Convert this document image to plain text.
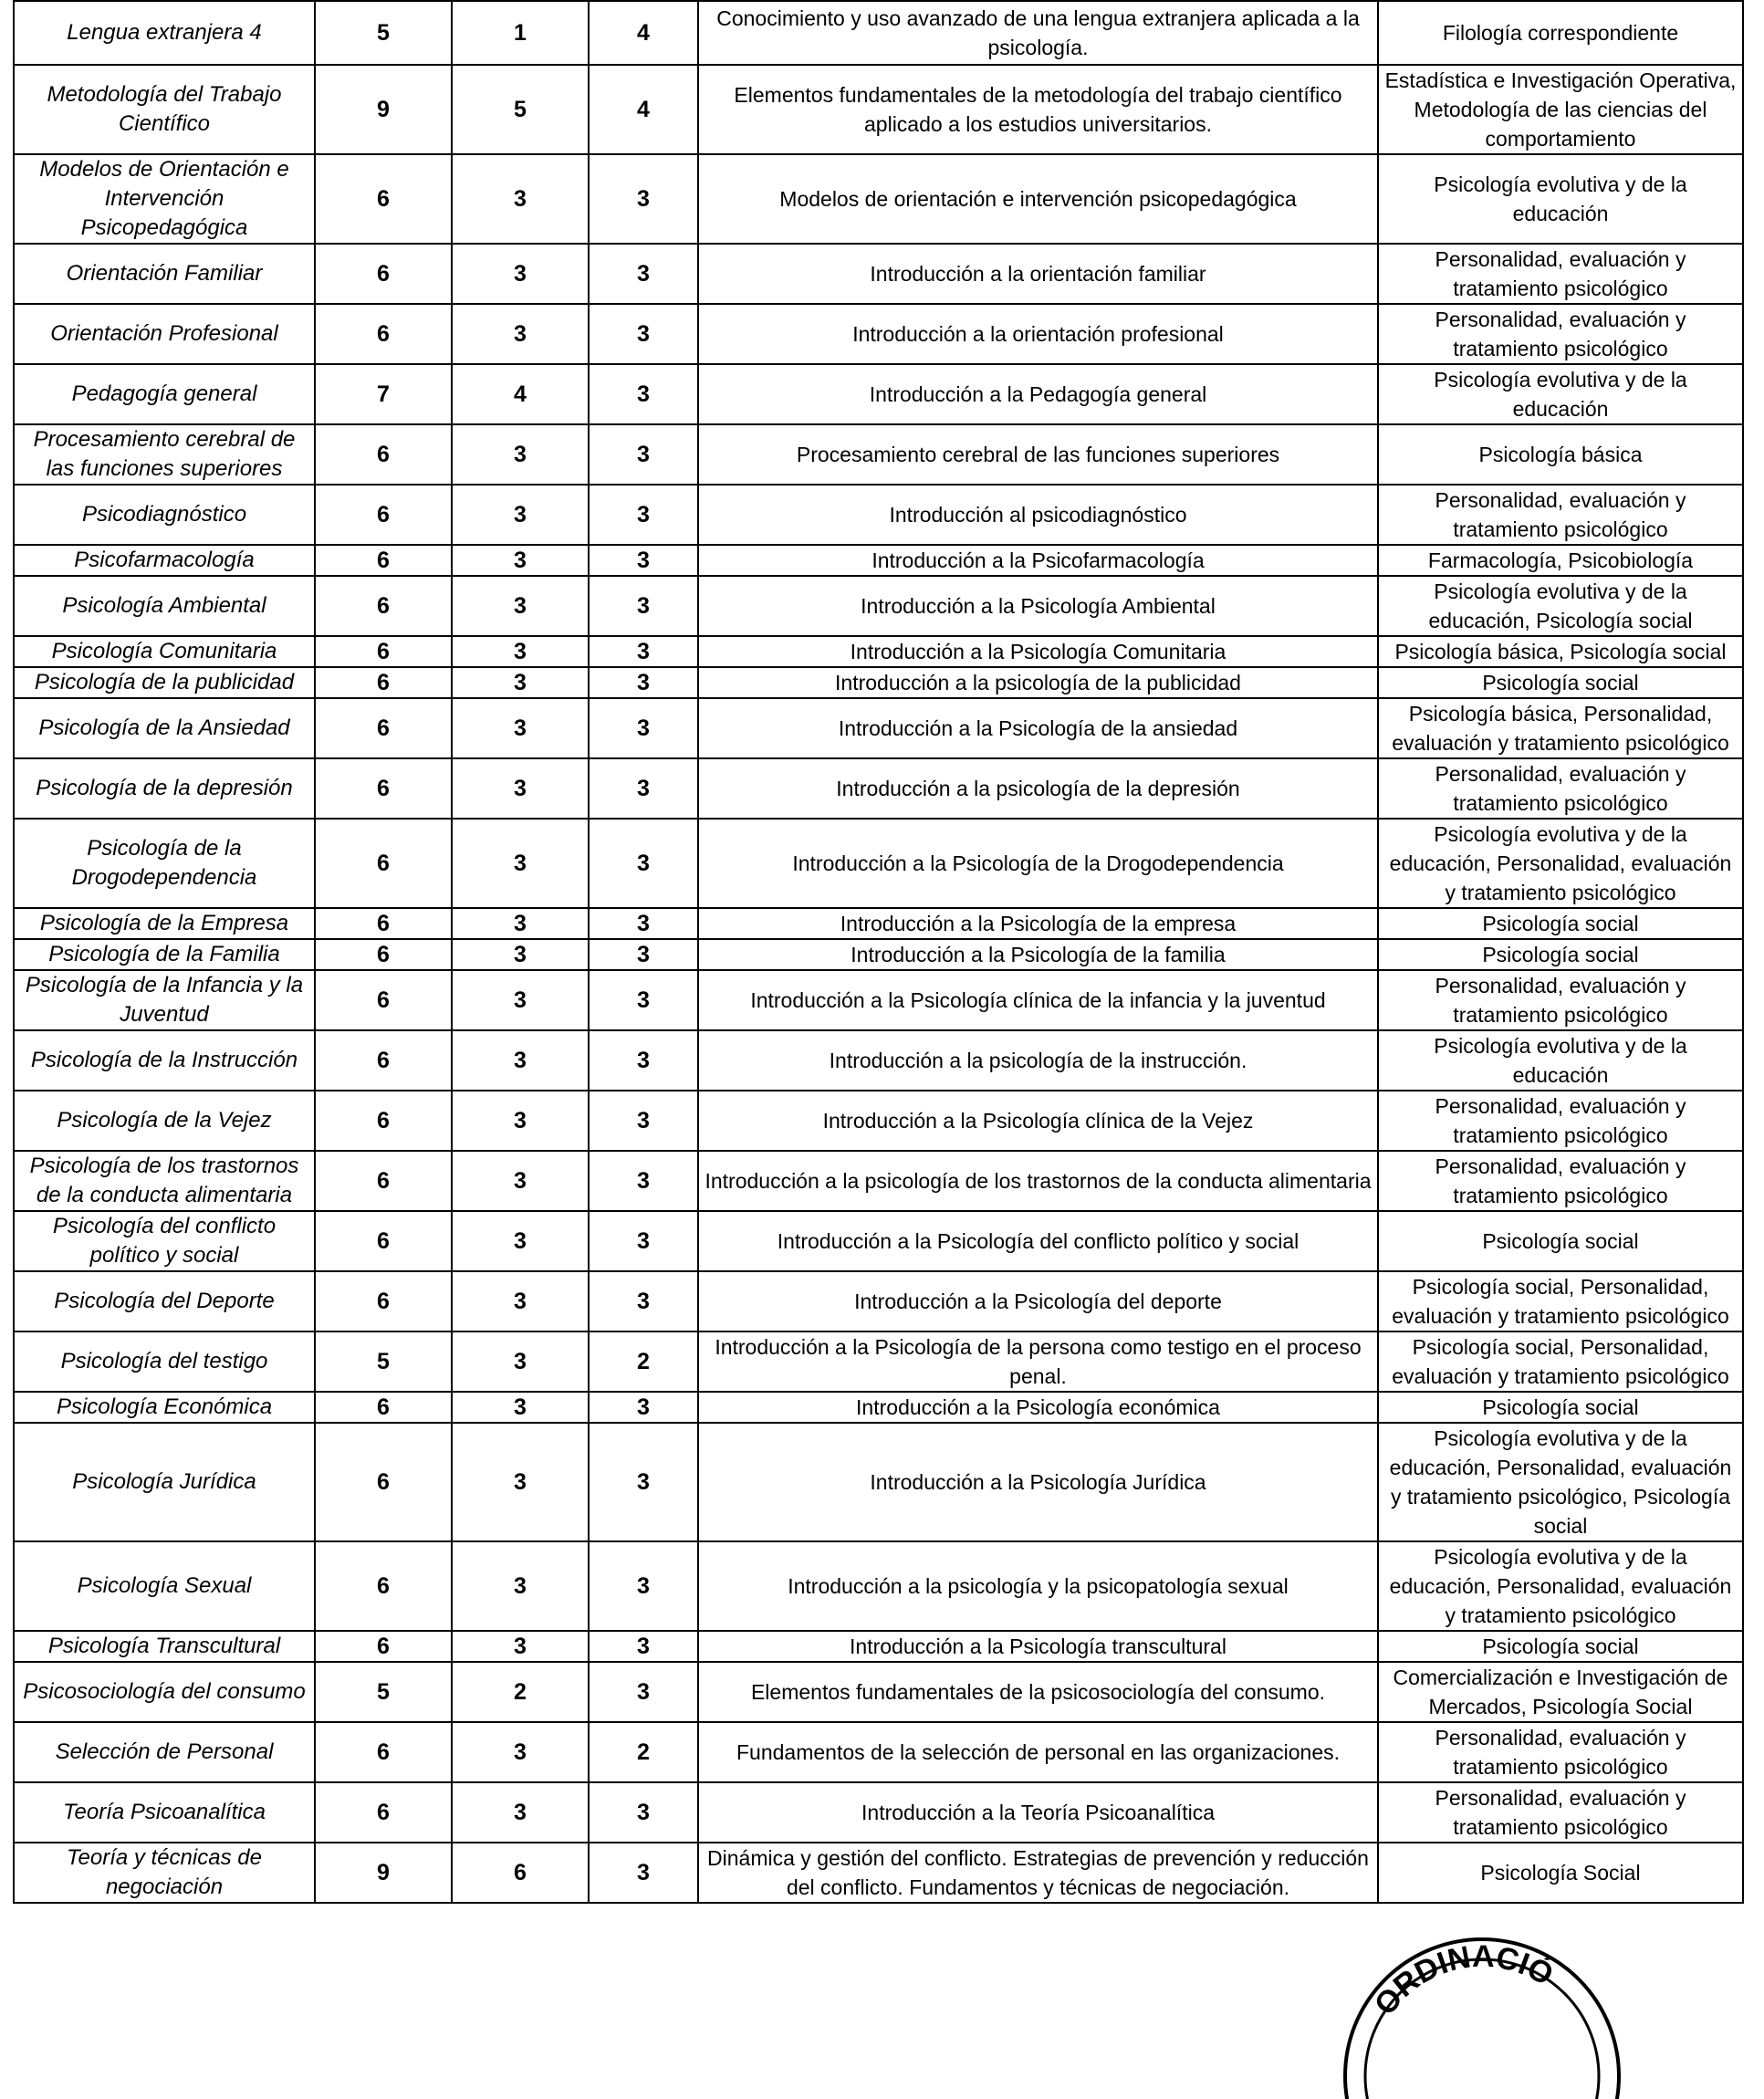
Lengua extranjera 4	5	1	4	Conocimiento y uso avanzado de una lengua extranjera aplicada a la psicología.	Filología correspondiente
Metodología del Trabajo Científico	9	5	4	Elementos fundamentales de la metodología del trabajo científico aplicado a los estudios universitarios.	Estadística e Investigación Operativa, Metodología de las ciencias del comportamiento
Modelos de Orientación e Intervención Psicopedagógica	6	3	3	Modelos de orientación e intervención psicopedagógica	Psicología evolutiva y de la educación
Orientación Familiar	6	3	3	Introducción a la orientación familiar	Personalidad, evaluación y tratamiento psicológico
Orientación Profesional	6	3	3	Introducción a la orientación profesional	Personalidad, evaluación y tratamiento psicológico
Pedagogía general	7	4	3	Introducción a la Pedagogía general	Psicología evolutiva y de la educación
Procesamiento cerebral de las funciones superiores	6	3	3	Procesamiento cerebral de las funciones superiores	Psicología básica
Psicodiagnóstico	6	3	3	Introducción al psicodiagnóstico	Personalidad, evaluación y tratamiento psicológico
Psicofarmacología	6	3	3	Introducción a la Psicofarmacología	Farmacología, Psicobiología
Psicología Ambiental	6	3	3	Introducción a la Psicología Ambiental	Psicología evolutiva y de la educación, Psicología social
Psicología Comunitaria	6	3	3	Introducción a la Psicología Comunitaria	Psicología básica, Psicología social
Psicología de la publicidad	6	3	3	Introducción a la psicología de la publicidad	Psicología social
Psicología de la Ansiedad	6	3	3	Introducción a la Psicología de la ansiedad	Psicología básica, Personalidad, evaluación y tratamiento psicológico
Psicología de la depresión	6	3	3	Introducción a la psicología de la depresión	Personalidad, evaluación y tratamiento psicológico
Psicología de la Drogodependencia	6	3	3	Introducción a la Psicología de la Drogodependencia	Psicología evolutiva y de la educación, Personalidad, evaluación y tratamiento psicológico
Psicología de la Empresa	6	3	3	Introducción a la Psicología de la empresa	Psicología social
Psicología de la Familia	6	3	3	Introducción a la Psicología de la familia	Psicología social
Psicología de la Infancia y la Juventud	6	3	3	Introducción a la Psicología clínica de la infancia y la juventud	Personalidad, evaluación y tratamiento psicológico
Psicología de la Instrucción	6	3	3	Introducción a la psicología de la instrucción.	Psicología evolutiva y de la educación
Psicología de la Vejez	6	3	3	Introducción a la Psicología clínica de la Vejez	Personalidad, evaluación y tratamiento psicológico
Psicología de los trastornos de la conducta alimentaria	6	3	3	Introducción a la psicología de los trastornos de la conducta alimentaria	Personalidad, evaluación y tratamiento psicológico
Psicología del conflicto político y social	6	3	3	Introducción a la Psicología del conflicto político y social	Psicología social
Psicología del Deporte	6	3	3	Introducción a la Psicología del deporte	Psicología social, Personalidad, evaluación y tratamiento psicológico
Psicología del testigo	5	3	2	Introducción a la Psicología de la persona como testigo en el proceso penal.	Psicología social, Personalidad, evaluación y tratamiento psicológico
Psicología Económica	6	3	3	Introducción a la Psicología económica	Psicología social
Psicología Jurídica	6	3	3	Introducción a la Psicología Jurídica	Psicología evolutiva y de la educación, Personalidad, evaluación y tratamiento psicológico, Psicología social
Psicología Sexual	6	3	3	Introducción a la psicología y la psicopatología sexual	Psicología evolutiva y de la educación, Personalidad, evaluación y tratamiento psicológico
Psicología Transcultural	6	3	3	Introducción a la Psicología transcultural	Psicología social
Psicosociología del consumo	5	2	3	Elementos fundamentales de la psicosociología del consumo.	Comercialización e Investigación de Mercados, Psicología Social
Selección de Personal	6	3	2	Fundamentos de la selección de personal en las organizaciones.	Personalidad, evaluación y tratamiento psicológico
Teoría Psicoanalítica	6	3	3	Introducción a la Teoría Psicoanalítica	Personalidad, evaluación y tratamiento psicológico
Teoría y técnicas de negociación	9	6	3	Dinámica y gestión del conflicto. Estrategias de prevención y reducción del conflicto. Fundamentos y técnicas de negociación.	Psicología Social
ORDINACIÓ
